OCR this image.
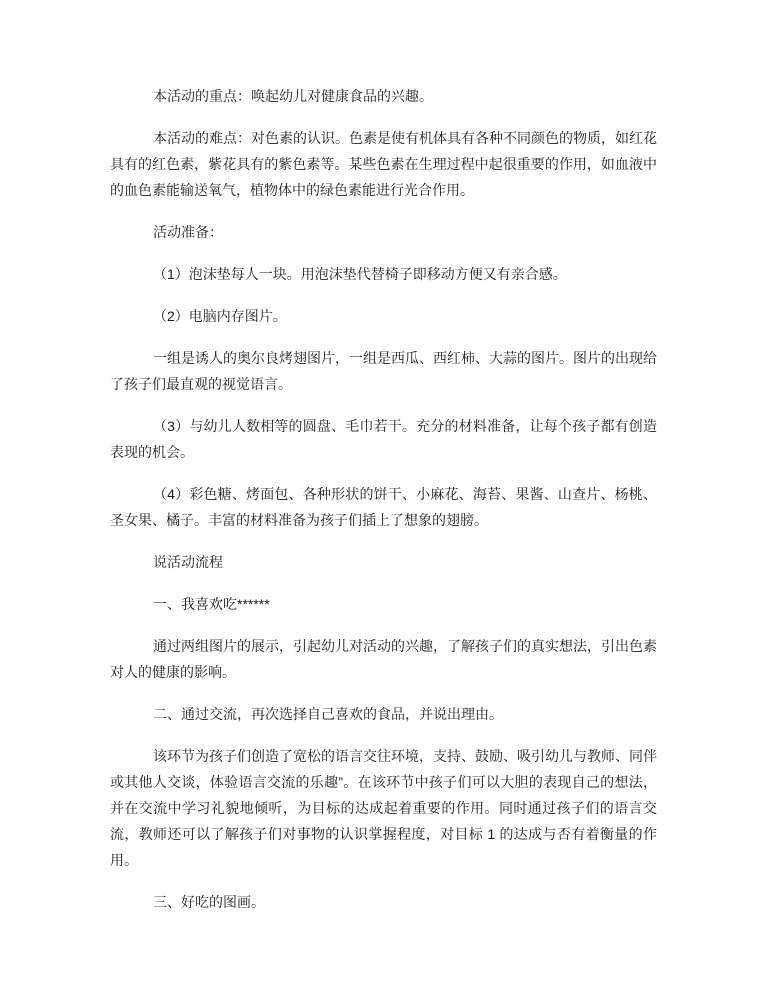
本活动的重点：唤起幼儿对健康食品的兴趣。

本活动的难点：对色素的认识。色素是使有机体具有各种不同颜色的物质，如红花具有的红色素，紫花具有的紫色素等。某些色素在生理过程中起很重要的作用，如血液中的血色素能输送氧气，植物体中的绿色素能进行光合作用。

活动准备：

（1）泡沫垫每人一块。用泡沫垫代替椅子即移动方便又有亲合感。

（2）电脑内存图片。

一组是诱人的奥尔良烤翅图片，一组是西瓜、西红柿、大蒜的图片。图片的出现给了孩子们最直观的视觉语言。

（3）与幼儿人数相等的圆盘、毛巾若干。充分的材料准备，让每个孩子都有创造表现的机会。

（4）彩色糖、烤面包、各种形状的饼干、小麻花、海苔、果酱、山查片、杨桃、圣女果、橘子。丰富的材料准备为孩子们插上了想象的翅膀。

说活动流程

一、我喜欢吃******

通过两组图片的展示，引起幼儿对活动的兴趣，了解孩子们的真实想法，引出色素对人的健康的影响。

二、通过交流，再次选择自己喜欢的食品，并说出理由。

该环节为孩子们创造了宽松的语言交往环境，支持、鼓励、吸引幼儿与教师、同伴或其他人交谈，体验语言交流的乐趣”。在该环节中孩子们可以大胆的表现自己的想法，并在交流中学习礼貌地倾听，为目标的达成起着重要的作用。同时通过孩子们的语言交流，教师还可以了解孩子们对事物的认识掌握程度，对目标 1 的达成与否有着衡量的作用。

三、好吃的图画。
